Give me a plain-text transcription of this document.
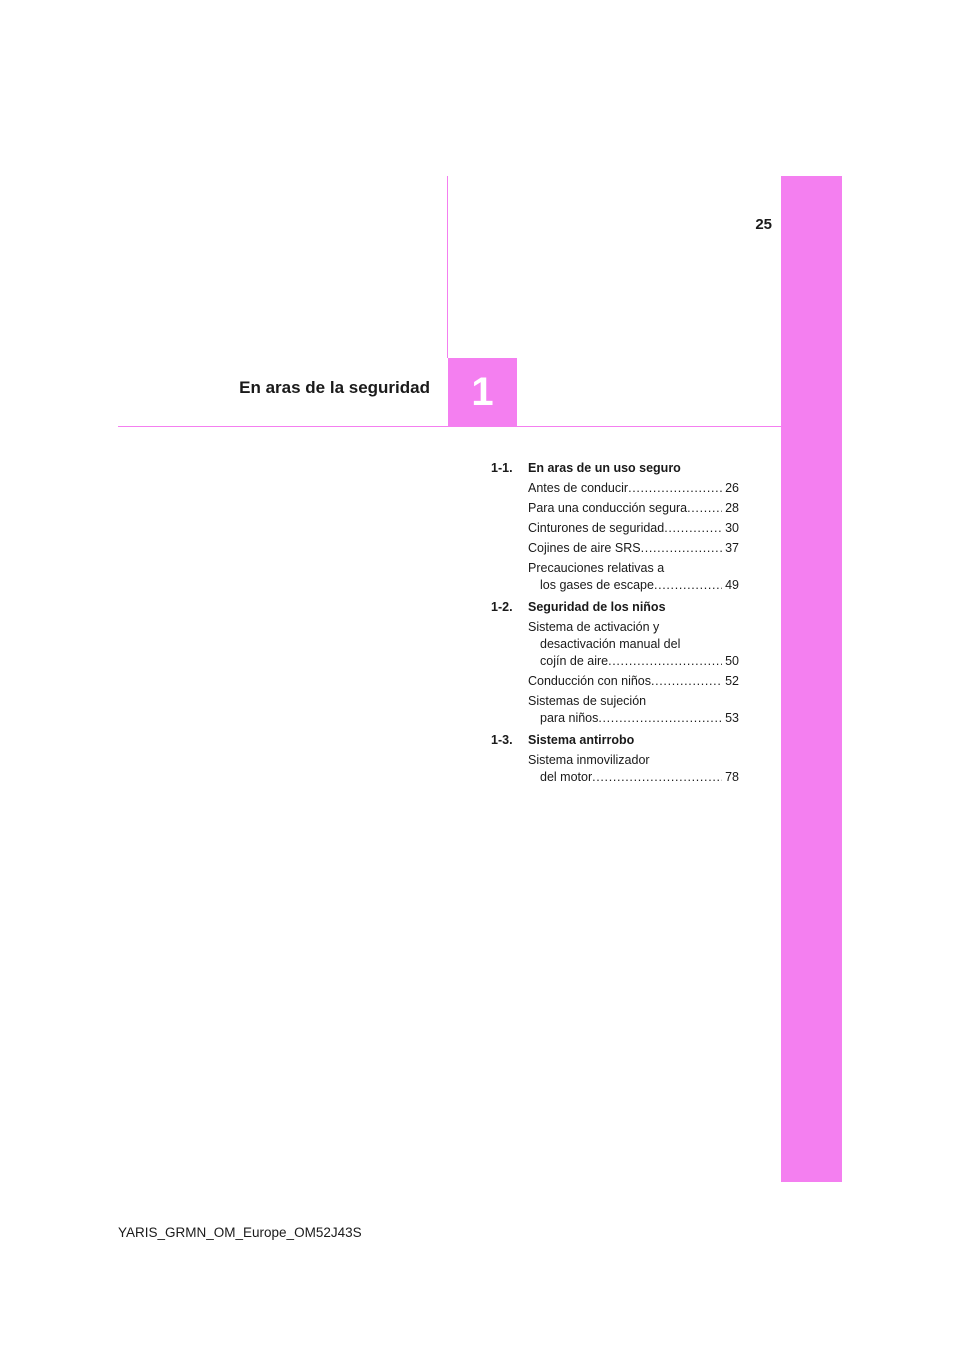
25
En aras de la seguridad	1
1-1. En aras de un uso seguro
Antes de conducir . . .	26
Para una conducción segura . . .	28
Cinturones de seguridad . . .	30
Cojines de aire SRS . . .	37
Precauciones relativas a
los gases de escape . . .	49
1-2. Seguridad de los niños
Sistema de activación y
desactivación manual del
cojín de aire . . .	50
Conducción con niños . . .	52
Sistemas de sujeción
para niños . . .	53
1-3. Sistema antirrobo
Sistema inmovilizador
del motor . . .	78
YARIS_GRMN_OM_Europe_OM52J43S
